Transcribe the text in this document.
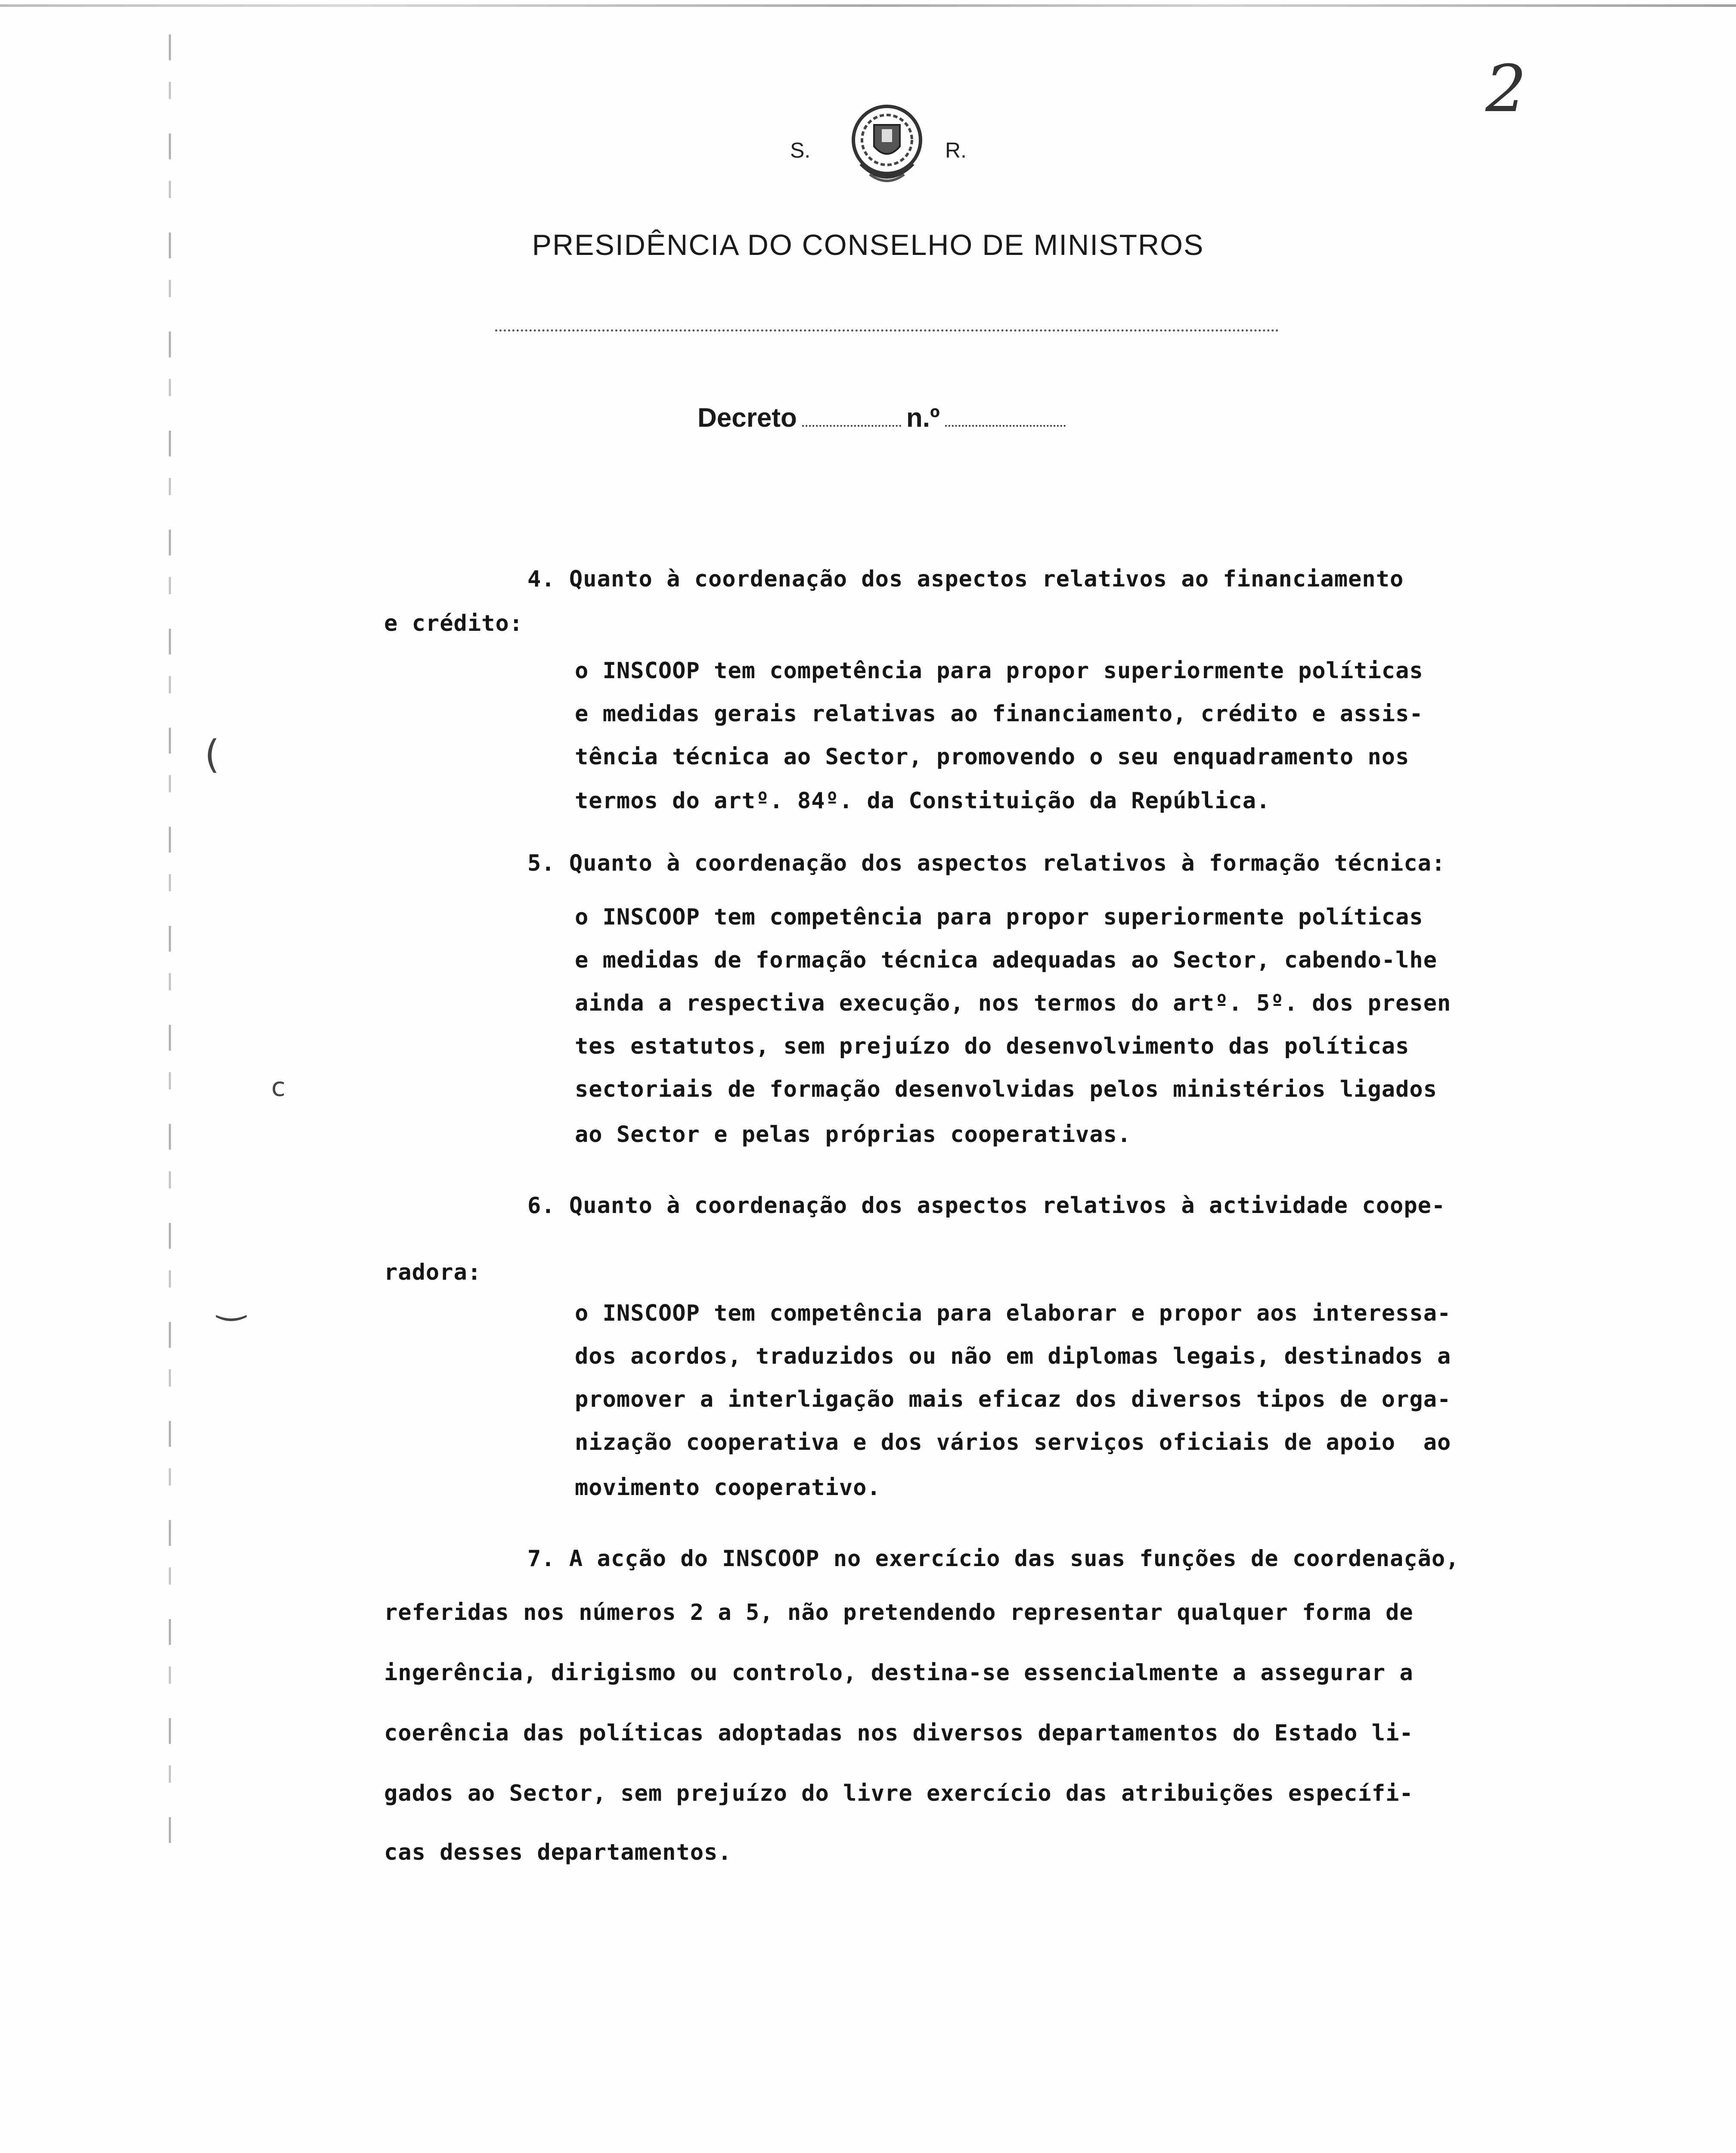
2
S.	R.
PRESIDÊNCIA DO CONSELHO DE MINISTROS
Decreto	n.º
4. Quanto à coordenação dos aspectos relativos ao financiamento
e crédito:
o INSCOOP tem competência para propor superiormente políticas
e medidas gerais relativas ao financiamento, crédito e assis-
tência técnica ao Sector, promovendo o seu enquadramento nos
termos do artº. 84º. da Constituição da República.
5. Quanto à coordenação dos aspectos relativos à formação técnica:
o INSCOOP tem competência para propor superiormente políticas
e medidas de formação técnica adequadas ao Sector, cabendo-lhe
ainda a respectiva execução, nos termos do artº. 5º. dos presen
tes estatutos, sem prejuízo do desenvolvimento das políticas
sectoriais de formação desenvolvidas pelos ministérios ligados
ao Sector e pelas próprias cooperativas.
6. Quanto à coordenação dos aspectos relativos à actividade coope-
radora:
o INSCOOP tem competência para elaborar e propor aos interessa-
dos acordos, traduzidos ou não em diplomas legais, destinados a
promover a interligação mais eficaz dos diversos tipos de orga-
nização cooperativa e dos vários serviços oficiais de apoio  ao
movimento cooperativo.
7. A acção do INSCOOP no exercício das suas funções de coordenação,
referidas nos números 2 a 5, não pretendendo representar qualquer forma de
ingerência, dirigismo ou controlo, destina-se essencialmente a assegurar a
coerência das políticas adoptadas nos diversos departamentos do Estado li-
gados ao Sector, sem prejuízo do livre exercício das atribuições específi-
cas desses departamentos.
(
c
‿
